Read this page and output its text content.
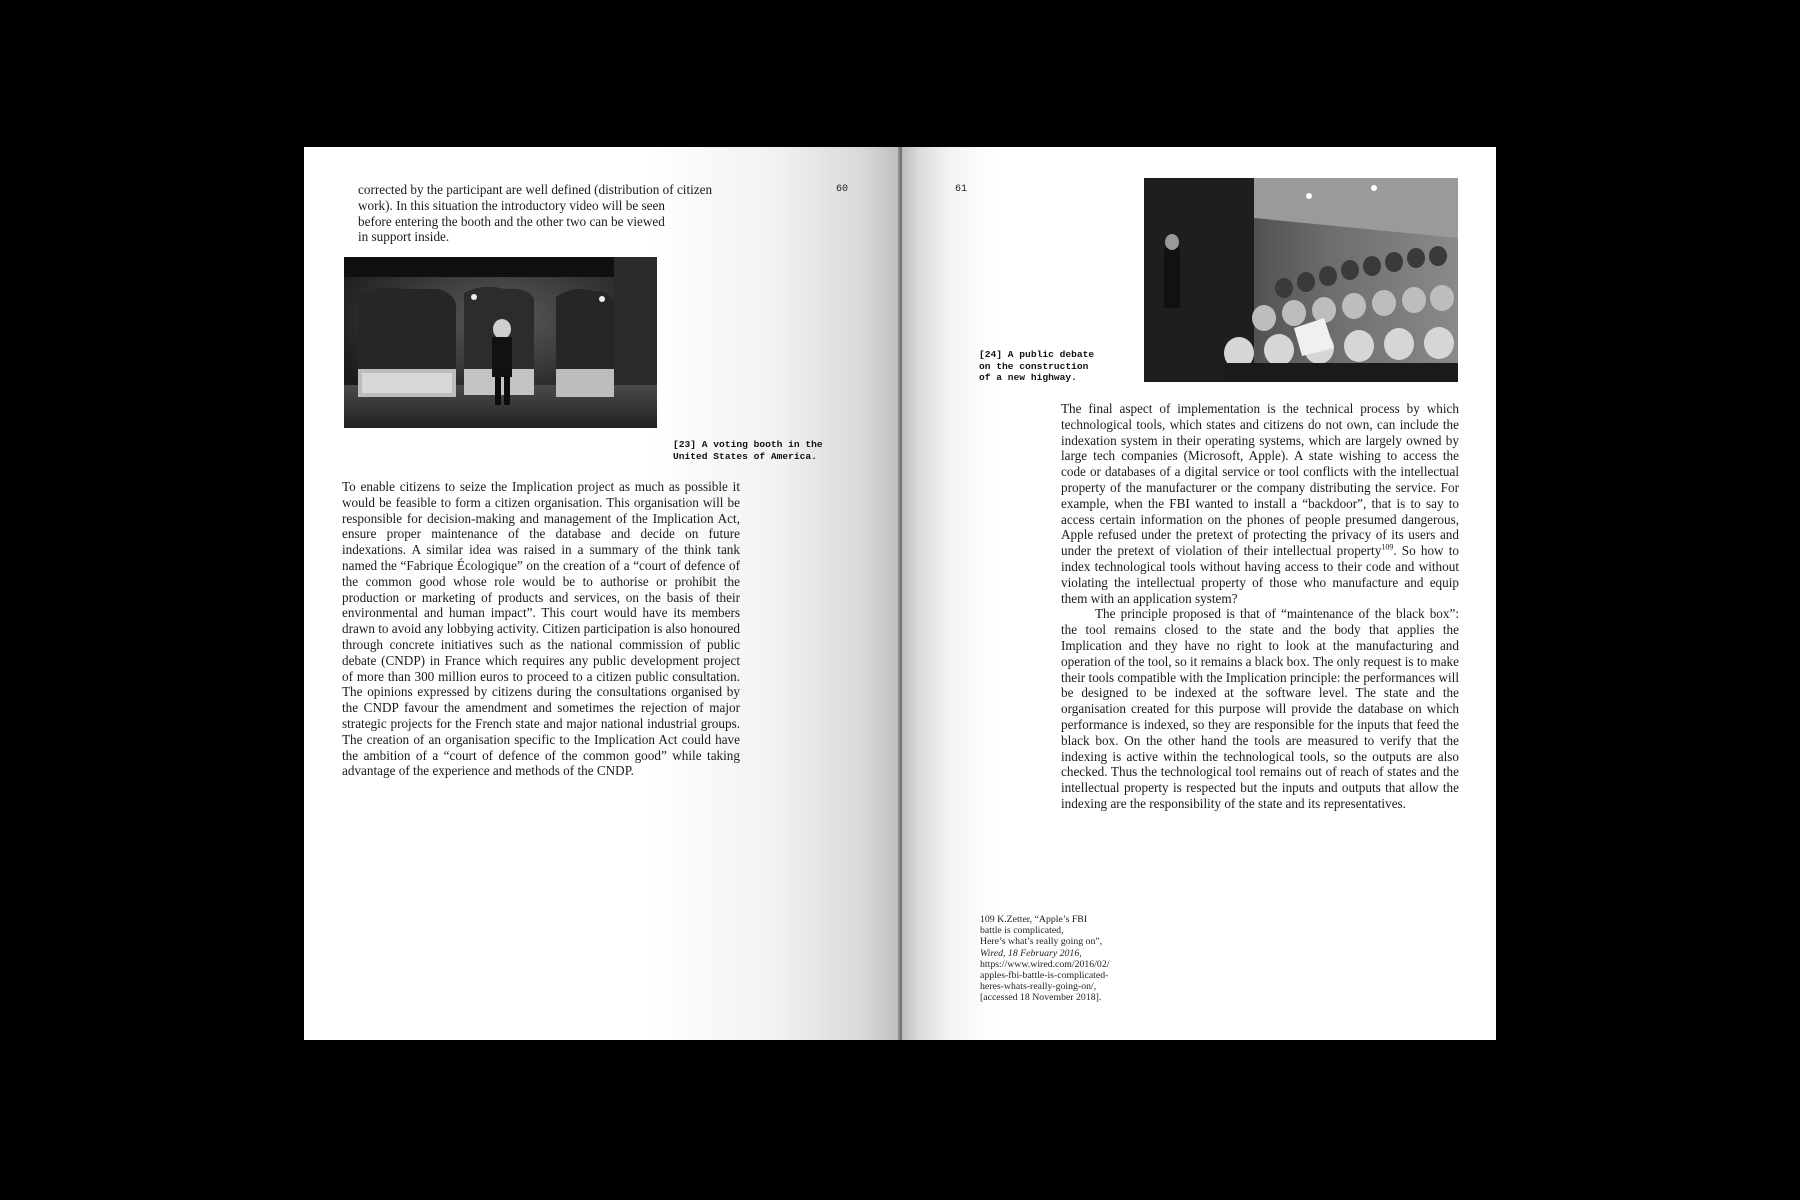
60
corrected by the participant are well defined (distribution of citizen
work). In this situation the introductory video will be seen
before entering the booth and the other two can be viewed
in support inside.
[23] A voting booth in the
United States of America.
To enable citizens to seize the Implication project as much as possible it would be feasible to form a citizen organisation. This organisation will be responsible for decision-making and management of the Implication Act, ensure proper maintenance of the database and decide on future indexations. A similar idea was raised in a summary of the think tank named the “Fabrique Écologique” on the creation of a “court of defence of the common good whose role would be to authorise or prohibit the production or marketing of products and services, on the basis of their environmental and human impact”. This court would have its members drawn to avoid any lobbying activity. Citizen participation is also honoured through concrete initiatives such as the national commission of public debate (CNDP) in France which requires any public development project of more than 300 million euros to proceed to a citizen public consultation. The opinions expressed by citizens during the consultations organised by the CNDP favour the amendment and sometimes the rejection of major strategic projects for the French state and major national industrial groups. The creation of an organisation specific to the Implication Act could have the ambition of a “court of defence of the common good” while taking advantage of the experience and methods of the CNDP.
61
[24] A public debate
on the construction
of a new highway.

The final aspect of implementation is the technical process by which technological tools, which states and citizens do not own, can include the indexation system in their operating systems, which are largely owned by large tech companies (Microsoft, Apple). A state wishing to access the code or databases of a digital service or tool conflicts with the intellectual property of the manufacturer or the company distributing the service. For example, when the FBI wanted to install a “backdoor”, that is to say to access certain information on the phones of people presumed dangerous, Apple refused under the pretext of protecting the privacy of its users and under the pretext of violation of their intellectual property$^{109}$. So how to index technological tools without having access to their code and without violating the intellectual property of those who manufacture and equip them with an application system?

The principle proposed is that of “maintenance of the black box”: the tool remains closed to the state and the body that applies the Implication and they have no right to look at the manufacturing and operation of the tool, so it remains a black box. The only request is to make their tools compatible with the Implication principle: the performances will be designed to be indexed at the software level. The state and the organisation created for this purpose will provide the database on which performance is indexed, so they are responsible for the inputs that feed the black box. On the other hand the tools are measured to verify that the indexing is active within the technological tools, so the outputs are also checked. Thus the technological tool remains out of reach of states and the intellectual property is respected but the inputs and outputs that allow the indexing are the responsibility of the state and its representatives.

109 K.Zetter, “Apple’s FBI
battle is complicated,
Here’s what’s really going on”,
Wired, 18 February 2016,
https://www.wired.com/2016/02/
apples-fbi-battle-is-complicated-
heres-whats-really-going-on/,
[accessed 18 November 2018].
